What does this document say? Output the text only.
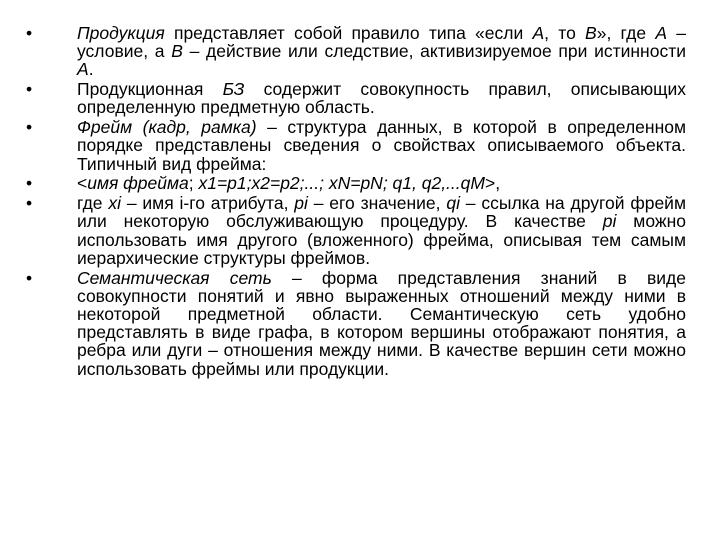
•	Продукция представляет собой правило типа «если А, то В», где А – условие, а В – действие или следствие, активизируемое при истинности А.
•	Продукционная БЗ содержит совокупность правил, описывающих определенную предметную область.
•	Фрейм (кадр, рамка) – структура данных, в которой в определенном порядке представлены сведения о свойствах описываемого объекта. Типичный вид фрейма:
•	<имя фрейма; x1=p1;x2=p2;...; xN=pN; q1, q2,...qM>,
•	где xi – имя i-го атрибута, pi – его значение, qi – ссылка на другой фрейм или некоторую обслуживающую процедуру. В качестве pi можно использовать имя другого (вложенного) фрейма, описывая тем самым иерархические структуры фреймов.
•	Семантическая сеть – форма представления знаний в виде совокупности понятий и явно выраженных отношений между ними в некоторой предметной области. Семантическую сеть удобно представлять в виде графа, в котором вершины отображают понятия, а ребра или дуги – отношения между ними. В качестве вершин сети можно использовать фреймы или продукции.
